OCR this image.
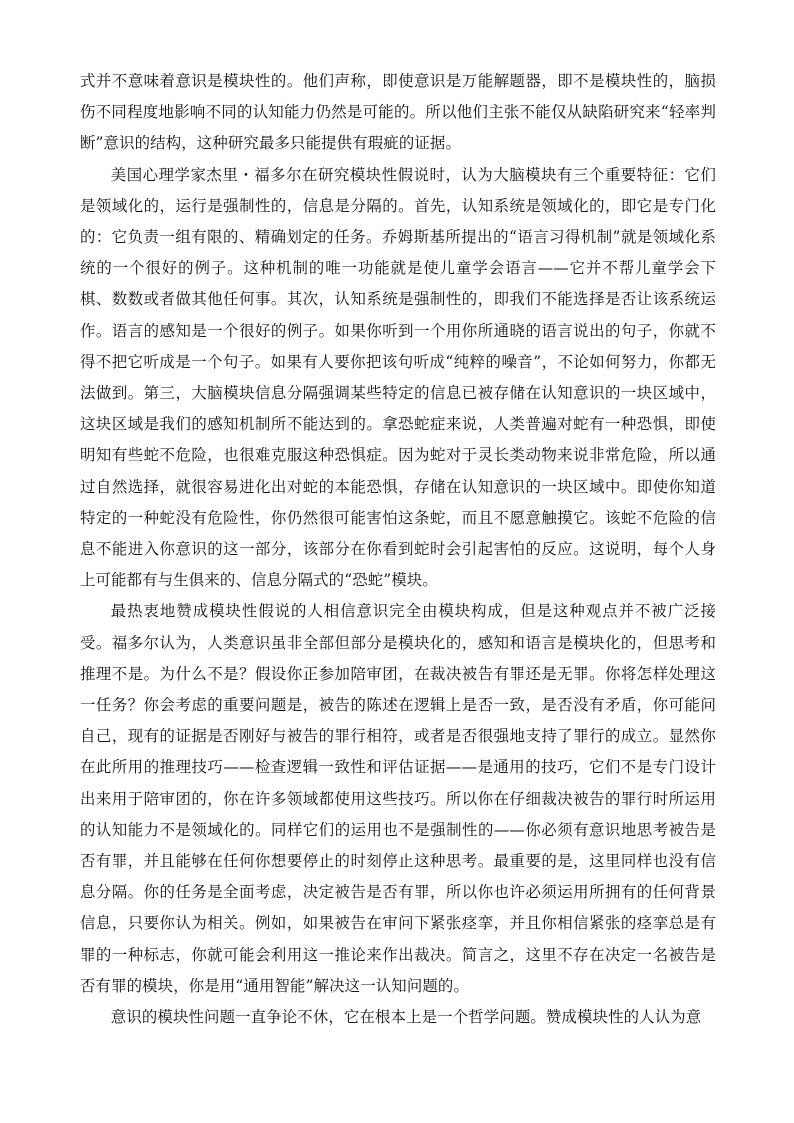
式并不意味着意识是模块性的。他们声称，即使意识是万能解题器，即不是模块性的，脑损伤不同程度地影响不同的认知能力仍然是可能的。所以他们主张不能仅从缺陷研究来“轻率判断”意识的结构，这种研究最多只能提供有瑕疵的证据。

美国心理学家杰里・福多尔在研究模块性假说时，认为大脑模块有三个重要特征：它们是领域化的，运行是强制性的，信息是分隔的。首先，认知系统是领域化的，即它是专门化的：它负责一组有限的、精确划定的任务。乔姆斯基所提出的“语言习得机制”就是领域化系统的一个很好的例子。这种机制的唯一功能就是使儿童学会语言——它并不帮儿童学会下棋、数数或者做其他任何事。其次，认知系统是强制性的，即我们不能选择是否让该系统运作。语言的感知是一个很好的例子。如果你听到一个用你所通晓的语言说出的句子，你就不得不把它听成是一个句子。如果有人要你把该句听成“纯粹的噪音”，不论如何努力，你都无法做到。第三，大脑模块信息分隔强调某些特定的信息已被存储在认知意识的一块区域中，这块区域是我们的感知机制所不能达到的。拿恐蛇症来说，人类普遍对蛇有一种恐惧，即使明知有些蛇不危险，也很难克服这种恐惧症。因为蛇对于灵长类动物来说非常危险，所以通过自然选择，就很容易进化出对蛇的本能恐惧，存储在认知意识的一块区域中。即使你知道特定的一种蛇没有危险性，你仍然很可能害怕这条蛇，而且不愿意触摸它。该蛇不危险的信息不能进入你意识的这一部分，该部分在你看到蛇时会引起害怕的反应。这说明，每个人身上可能都有与生俱来的、信息分隔式的“恐蛇”模块。

最热衷地赞成模块性假说的人相信意识完全由模块构成，但是这种观点并不被广泛接受。福多尔认为，人类意识虽非全部但部分是模块化的，感知和语言是模块化的，但思考和推理不是。为什么不是？假设你正参加陪审团，在裁决被告有罪还是无罪。你将怎样处理这一任务？你会考虑的重要问题是，被告的陈述在逻辑上是否一致，是否没有矛盾，你可能问自己，现有的证据是否刚好与被告的罪行相符，或者是否很强地支持了罪行的成立。显然你在此所用的推理技巧——检查逻辑一致性和评估证据——是通用的技巧，它们不是专门设计出来用于陪审团的，你在许多领域都使用这些技巧。所以你在仔细裁决被告的罪行时所运用的认知能力不是领域化的。同样它们的运用也不是强制性的——你必须有意识地思考被告是否有罪，并且能够在任何你想要停止的时刻停止这种思考。最重要的是，这里同样也没有信息分隔。你的任务是全面考虑，决定被告是否有罪，所以你也许必须运用所拥有的任何背景信息，只要你认为相关。例如，如果被告在审问下紧张痉挛，并且你相信紧张的痉挛总是有罪的一种标志，你就可能会利用这一推论来作出裁决。简言之，这里不存在决定一名被告是否有罪的模块，你是用“通用智能”解决这一认知问题的。

意识的模块性问题一直争论不休，它在根本上是一个哲学问题。赞成模块性的人认为意
